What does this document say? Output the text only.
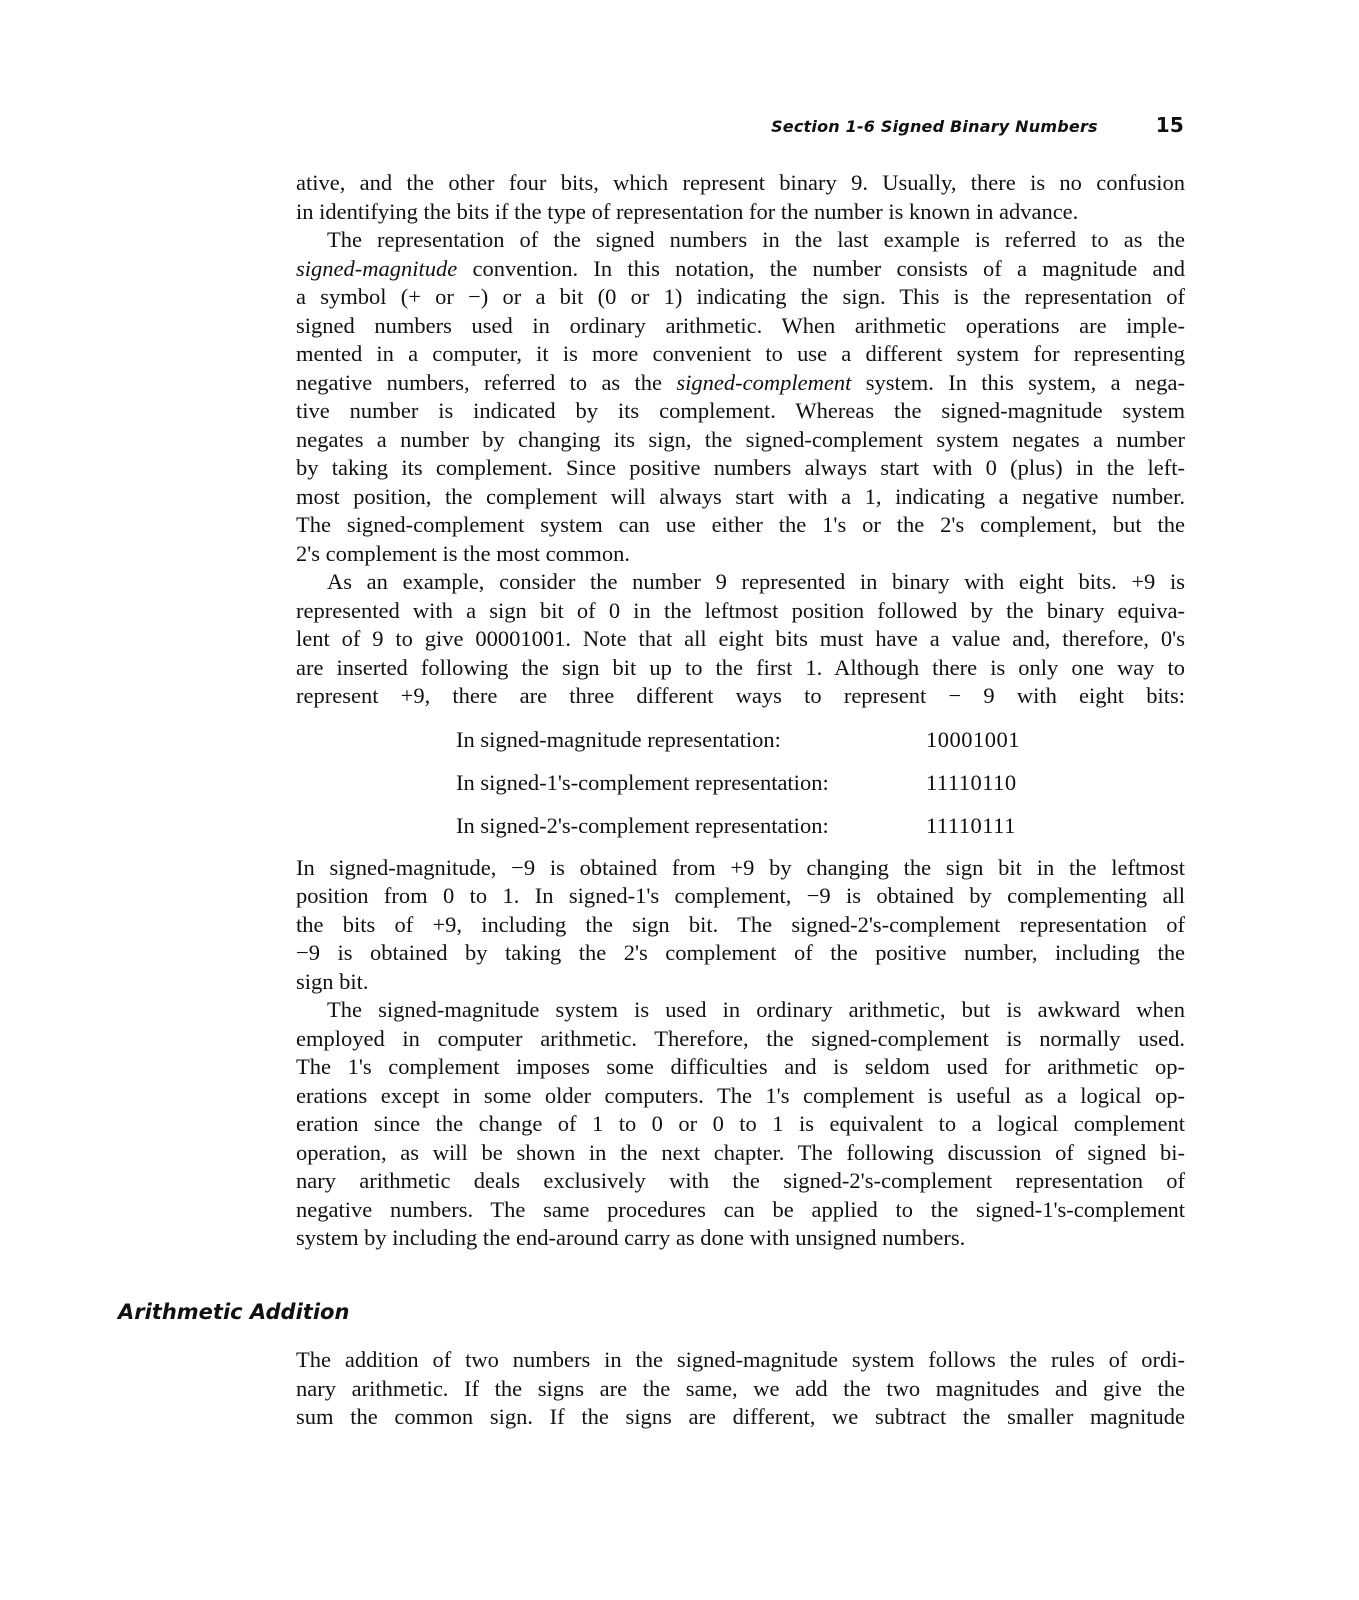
Section 1-6 Signed Binary Numbers	15

ative, and the other four bits, which represent binary 9. Usually, there is no confusion
in identifying the bits if the type of representation for the number is known in advance.

The representation of the signed numbers in the last example is referred to as the
signed-magnitude convention. In this notation, the number consists of a magnitude and
a symbol (+ or −) or a bit (0 or 1) indicating the sign. This is the representation of
signed numbers used in ordinary arithmetic. When arithmetic operations are imple-
mented in a computer, it is more convenient to use a different system for representing
negative numbers, referred to as the signed-complement system. In this system, a nega-
tive number is indicated by its complement. Whereas the signed-magnitude system
negates a number by changing its sign, the signed-complement system negates a number
by taking its complement. Since positive numbers always start with 0 (plus) in the left-
most position, the complement will always start with a 1, indicating a negative number.
The signed-complement system can use either the 1's or the 2's complement, but the
2's complement is the most common.

As an example, consider the number 9 represented in binary with eight bits. +9 is
represented with a sign bit of 0 in the leftmost position followed by the binary equiva-
lent of 9 to give 00001001. Note that all eight bits must have a value and, therefore, 0's
are inserted following the sign bit up to the first 1. Although there is only one way to
represent +9, there are three different ways to represent − 9 with eight bits:

In signed-magnitude representation:	10001001
In signed-1's-complement representation:	11110110
In signed-2's-complement representation:	11110111

In signed-magnitude, −9 is obtained from +9 by changing the sign bit in the leftmost
position from 0 to 1. In signed-1's complement, −9 is obtained by complementing all
the bits of +9, including the sign bit. The signed-2's-complement representation of
−9 is obtained by taking the 2's complement of the positive number, including the
sign bit.

The signed-magnitude system is used in ordinary arithmetic, but is awkward when
employed in computer arithmetic. Therefore, the signed-complement is normally used.
The 1's complement imposes some difficulties and is seldom used for arithmetic op-
erations except in some older computers. The 1's complement is useful as a logical op-
eration since the change of 1 to 0 or 0 to 1 is equivalent to a logical complement
operation, as will be shown in the next chapter. The following discussion of signed bi-
nary arithmetic deals exclusively with the signed-2's-complement representation of
negative numbers. The same procedures can be applied to the signed-1's-complement
system by including the end-around carry as done with unsigned numbers.

Arithmetic Addition

The addition of two numbers in the signed-magnitude system follows the rules of ordi-
nary arithmetic. If the signs are the same, we add the two magnitudes and give the
sum the common sign. If the signs are different, we subtract the smaller magnitude
